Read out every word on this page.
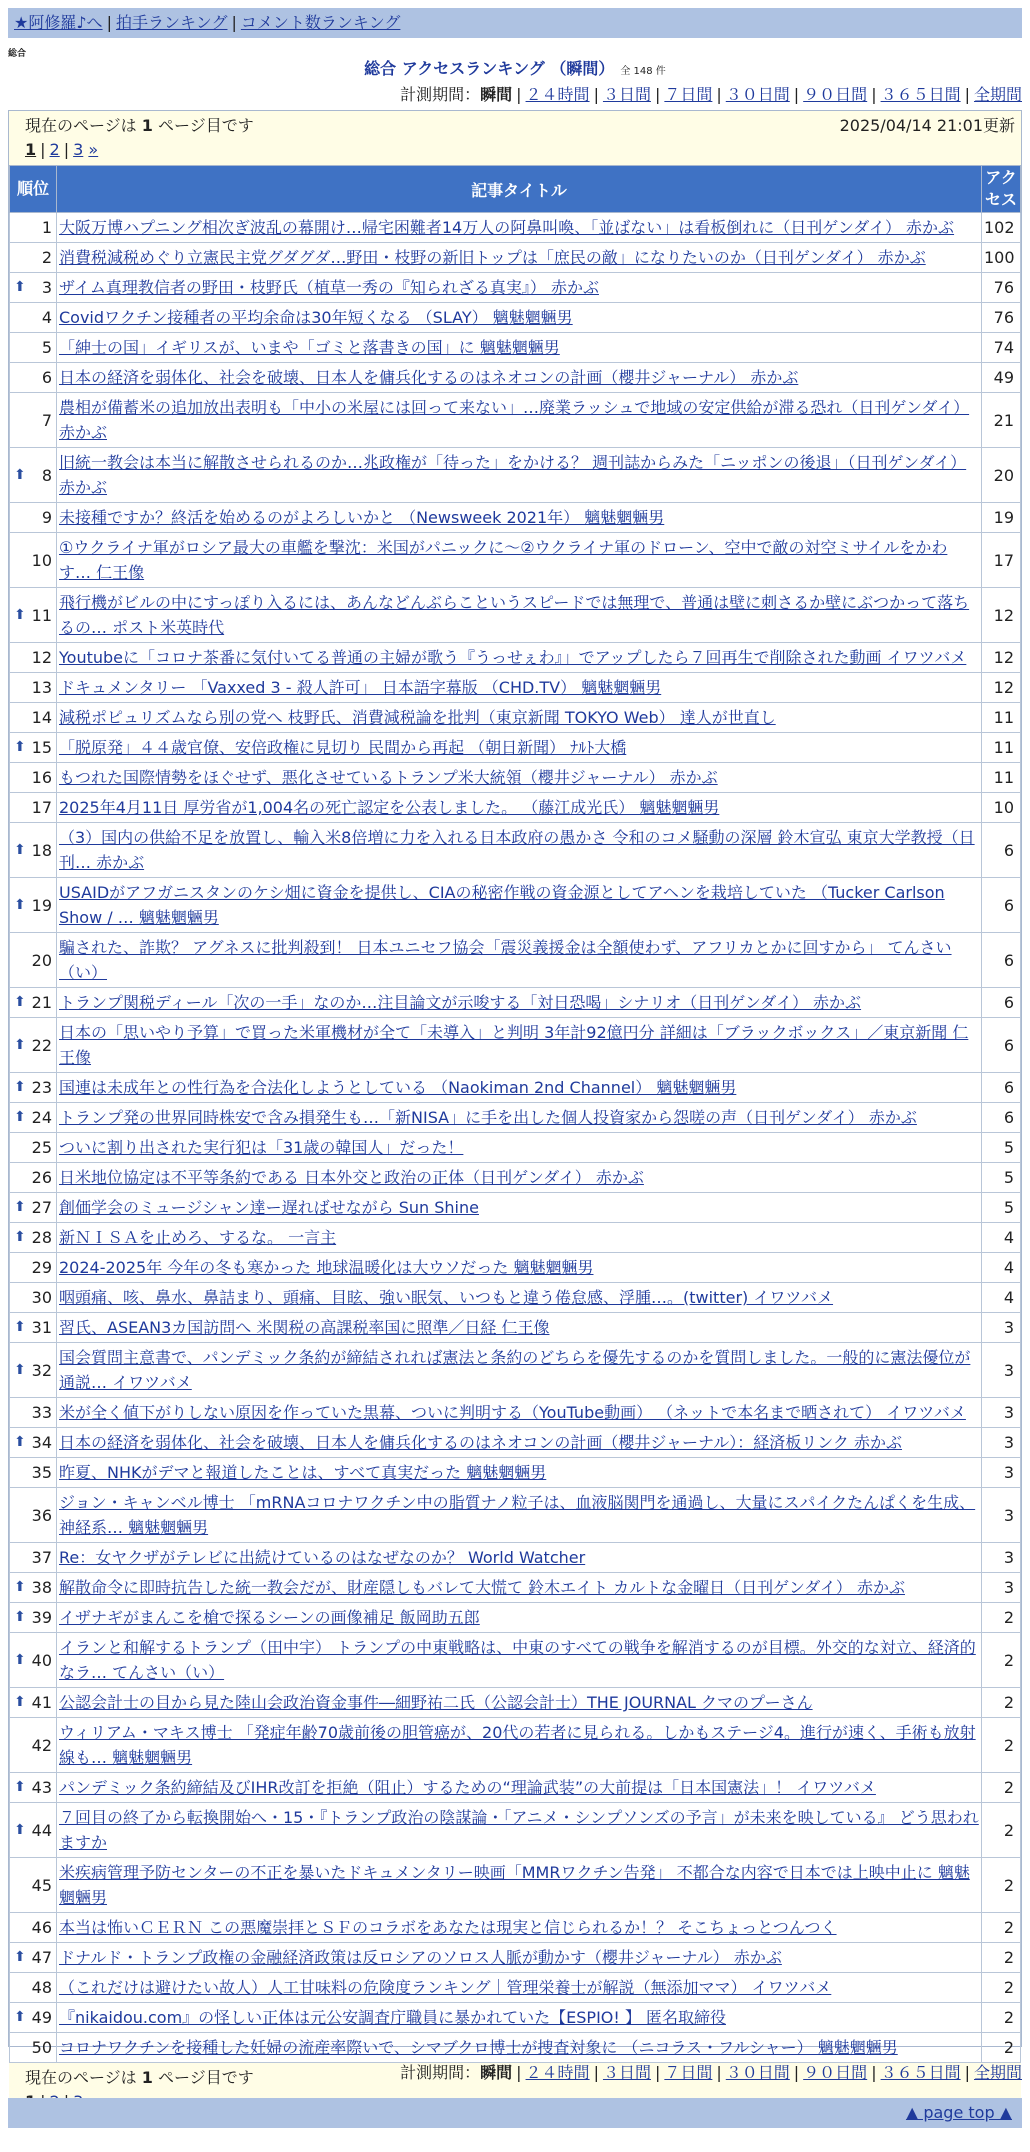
★阿修羅♪へ | 拍手ランキング | コメント数ランキング
総合
総合 アクセスランキング （瞬間） 全 148 件
計測期間：瞬間 | ２４時間 | ３日間 | ７日間 | ３０日間 | ９０日間 | ３６５日間 | 全期間
現在のページは 1 ページ目です
1 | 2 | 3 »
2025/04/14 21:01更新
順位	記事タイトル	アクセス
1	大阪万博ハプニング相次ぎ波乱の幕開け…帰宅困難者14万人の阿鼻叫喚、「並ばない」は看板倒れに（日刊ゲンダイ） 赤かぶ	102
2	消費税減税めぐり立憲民主党グダグダ…野田・枝野の新旧トップは「庶民の敵」になりたいのか（日刊ゲンダイ） 赤かぶ	100

⬆ 3	ザイム真理教信者の野田・枝野氏（植草一秀の『知られざる真実』） 赤かぶ	76
4	Covidワクチン接種者の平均余命は30年短くなる （SLAY） 魑魅魍魎男	76
5	「紳士の国」イギリスが、いまや「ゴミと落書きの国」に 魑魅魍魎男	74
6	日本の経済を弱体化、社会を破壊、日本人を傭兵化するのはネオコンの計画（櫻井ジャーナル） 赤かぶ	49
7	農相が備蓄米の追加放出表明も「中小の米屋には回って来ない」…廃業ラッシュで地域の安定供給が滞る恐れ（日刊ゲンダイ） 赤かぶ	21

⬆ 8	旧統一教会は本当に解散させられるのか…兆政権が「待った」をかける？ 週刊誌からみた「ニッポンの後退」（日刊ゲンダイ） 赤かぶ	20
9	未接種ですか？終活を始めるのがよろしいかと （Newsweek 2021年） 魑魅魍魎男	19
10	①ウクライナ軍がロシア最大の車艦を撃沈：米国がパニックに～②ウクライナ軍のドローン、空中で敵の対空ミサイルをかわす… 仁王像	17

⬆ 11	飛行機がビルの中にすっぽり入るには、あんなどんぶらこというスピードでは無理で、普通は壁に刺さるか壁にぶつかって落ちるの… ポスト米英時代	12
12	Youtubeに「コロナ茶番に気付いてる普通の主婦が歌う『うっせぇわ』」でアップしたら７回再生で削除された動画 イワツバメ	12
13	ドキュメンタリー 「Vaxxed 3 - 殺人許可」 日本語字幕版 （CHD.TV） 魑魅魍魎男	12
14	減税ポピュリズムなら別の党へ 枝野氏、消費減税論を批判（東京新聞 TOKYO Web） 達人が世直し	11

⬆ 15	「脱原発」４４歳官僚、安倍政権に見切り 民間から再起 （朝日新聞） ﾅﾙﾄ大橋	11
16	もつれた国際情勢をほぐせず、悪化させているトランプ米大統領（櫻井ジャーナル） 赤かぶ	11
17	2025年4月11日 厚労省が1,004名の死亡認定を公表しました。 （藤江成光氏） 魑魅魍魎男	10

⬆ 18	（3）国内の供給不足を放置し、輸入米8倍増に力を入れる日本政府の愚かさ 令和のコメ騒動の深層 鈴木宣弘 東京大学教授（日刊… 赤かぶ	6

⬆ 19	USAIDがアフガニスタンのケシ畑に資金を提供し、CIAの秘密作戦の資金源としてアヘンを栽培していた （Tucker Carlson Show / … 魑魅魍魎男	6
20	騙された、詐欺？ アグネスに批判殺到！ 日本ユニセフ協会「震災義援金は全額使わず、アフリカとかに回すから」 てんさい（い）	6

⬆ 21	トランプ関税ディール「次の一手」なのか…注目論文が示唆する「対日恐喝」シナリオ（日刊ゲンダイ） 赤かぶ	6

⬆ 22	日本の「思いやり予算」で買った米軍機材が全て「未導入」と判明 3年計92億円分 詳細は「ブラックボックス」／東京新聞 仁王像	6

⬆ 23	国連は未成年との性行為を合法化しようとしている （Naokiman 2nd Channel） 魑魅魍魎男	6

⬆ 24	トランプ発の世界同時株安で含み損発生も…「新NISA」に手を出した個人投資家から怨嗟の声（日刊ゲンダイ） 赤かぶ	6
25	ついに割り出された実行犯は「31歳の韓国人」だった！	5
26	日米地位協定は不平等条約である 日本外交と政治の正体（日刊ゲンダイ） 赤かぶ	5

⬆ 27	創価学会のミュージシャン達ー遅ればせながら Sun Shine	5

⬆ 28	新ＮＩＳＡを止めろ、するな。 一言主	4
29	2024-2025年 今年の冬も寒かった 地球温暖化は大ウソだった 魑魅魍魎男	4
30	咽頭痛、咳、鼻水、鼻詰まり、頭痛、目眩、強い眠気、いつもと違う倦怠感、浮腫…。(twitter) イワツバメ	4

⬆ 31	習氏、ASEAN3カ国訪問へ 米関税の高課税率国に照準／日経 仁王像	3

⬆ 32	国会質問主意書で、パンデミック条約が締結されれば憲法と条約のどちらを優先するのかを質問しました。一般的に憲法優位が通説… イワツバメ	3
33	米が全く値下がりしない原因を作っていた黒幕、ついに判明する（YouTube動画） （ネットで本名まで晒されて） イワツバメ	3

⬆ 34	日本の経済を弱体化、社会を破壊、日本人を傭兵化するのはネオコンの計画（櫻井ジャーナル）：経済板リンク 赤かぶ	3
35	昨夏、NHKがデマと報道したことは、すべて真実だった 魑魅魍魎男	3
36	ジョン・キャンベル博士 「mRNAコロナワクチン中の脂質ナノ粒子は、血液脳関門を通過し、大量にスパイクたんぱくを生成、神経系… 魑魅魍魎男	3
37	Re：女ヤクザがテレビに出続けているのはなぜなのか？ World Watcher	3

⬆ 38	解散命令に即時抗告した統一教会だが、財産隠しもバレて大慌て 鈴木エイト カルトな金曜日（日刊ゲンダイ） 赤かぶ	3

⬆ 39	イザナギがまんこを槍で探るシーンの画像補足 飯岡助五郎	2

⬆ 40	イランと和解するトランプ（田中宇） トランプの中東戦略は、中東のすべての戦争を解消するのが目標。外交的な対立、経済的なラ… てんさい（い）	2

⬆ 41	公認会計士の目から見た陸山会政治資金事件―細野祐二氏（公認会計士）THE JOURNAL クマのプーさん	2
42	ウィリアム・マキス博士 「発症年齢70歳前後の胆管癌が、20代の若者に見られる。しかもステージ4。進行が速く、手術も放射線も… 魑魅魍魎男	2

⬆ 43	パンデミック条約締結及びIHR改訂を拒絶（阻止）するための“理論武装”の大前提は「日本国憲法」！ イワツバメ	2

⬆ 44	７回目の終了から転換開始へ・15・『トランプ政治の陰謀論・「アニメ・シンプソンズの予言」が未来を映している』 どう思われますか	2
45	米疾病管理予防センターの不正を暴いたドキュメンタリー映画「MMRワクチン告発」 不都合な内容で日本では上映中止に 魑魅魍魎男	2
46	本当は怖いＣＥＲＮ この悪魔崇拝とＳＦのコラボをあなたは現実と信じられるか！？ そこちょっとつんつく	2

⬆ 47	ドナルド・トランプ政権の金融経済政策は反ロシアのソロス人脈が動かす（櫻井ジャーナル） 赤かぶ	2
48	（これだけは避けたい故人）人工甘味料の危険度ランキング｜管理栄養士が解説（無添加ママ） イワツバメ	2

⬆ 49	『nikaidou.com』の怪しい正体は元公安調査庁職員に暴かれていた【ESPIO! 】 匿名取締役	2
50	コロナワクチンを接種した妊婦の流産率際いで、シマブクロ博士が捜査対象に （ニコラス・フルシャー） 魑魅魍魎男	2
現在のページは 1 ページ目です	計測期間：瞬間 | ２４時間 | ３日間 | ７日間 | ３０日間 | ９０日間 | ３６５日間 | 全期間
▲ page top ▲
